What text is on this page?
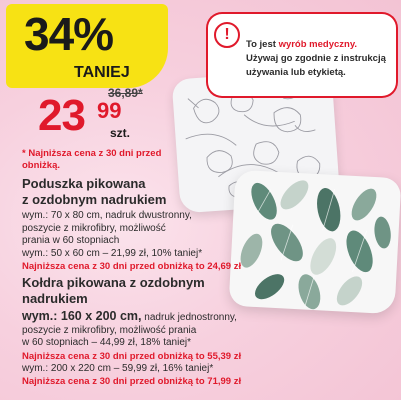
34%
TANIEJ
36,89*
23 99
szt.
* Najniższa cena z 30 dni przed obniżką.
!
To jest wyrób medyczny.
Używaj go zgodnie z instrukcją
używania lub etykietą.
Poduszka pikowana
z ozdobnym nadrukiem
wym.: 70 x 80 cm, nadruk dwustronny,
poszycie z mikrofibry, możliwość
prania w 60 stopniach
wym.: 50 x 60 cm – 21,99 zł, 10% taniej*
Najniższa cena z 30 dni przed obniżką to 24,69 zł
Kołdra pikowana z ozdobnym
nadrukiem
wym.: 160 x 200 cm, nadruk jednostronny,
poszycie z mikrofibry, możliwość prania
w 60 stopniach – 44,99 zł, 18% taniej*
Najniższa cena z 30 dni przed obniżką to 55,39 zł
wym.: 200 x 220 cm – 59,99 zł, 16% taniej*
Najniższa cena z 30 dni przed obniżką to 71,99 zł
